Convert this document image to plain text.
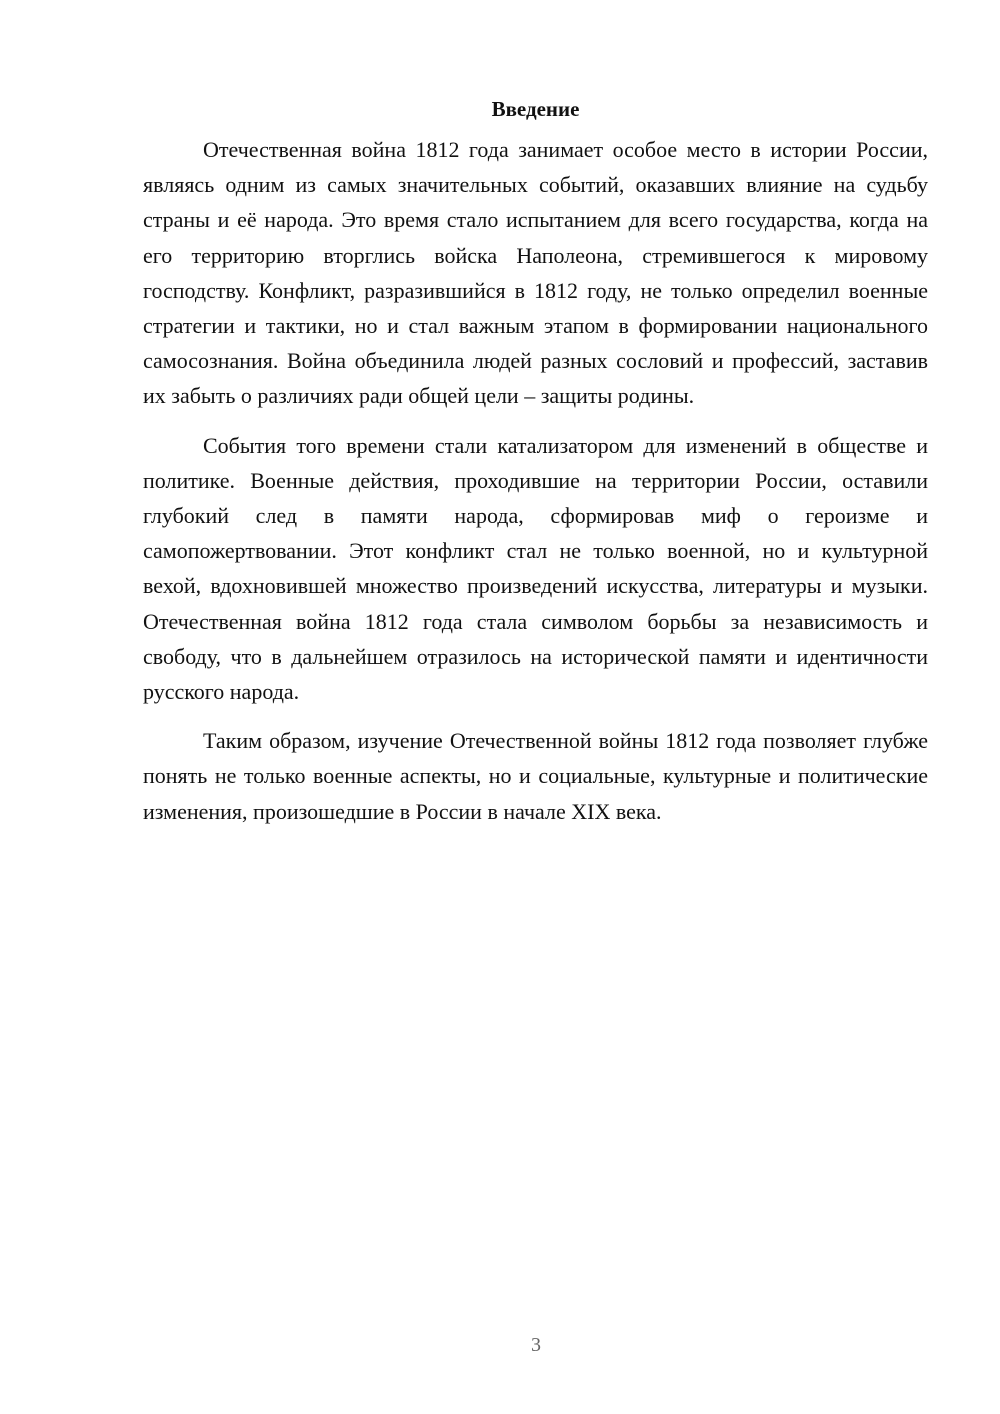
Введение

Отечественная война 1812 года занимает особое место в истории России, являясь одним из самых значительных событий, оказавших влияние на судьбу страны и её народа. Это время стало испытанием для всего государства, когда на его территорию вторглись войска Наполеона, стремившегося к мировому господству. Конфликт, разразившийся в 1812 году, не только определил военные стратегии и тактики, но и стал важным этапом в формировании национального самосознания. Война объединила людей разных сословий и профессий, заставив их забыть о различиях ради общей цели – защиты родины.

События того времени стали катализатором для изменений в обществе и политике. Военные действия, проходившие на территории России, оставили глубокий след в памяти народа, сформировав миф о героизме и самопожертвовании. Этот конфликт стал не только военной, но и культурной вехой, вдохновившей множество произведений искусства, литературы и музыки. Отечественная война 1812 года стала символом борьбы за независимость и свободу, что в дальнейшем отразилось на исторической памяти и идентичности русского народа.

Таким образом, изучение Отечественной войны 1812 года позволяет глубже понять не только военные аспекты, но и социальные, культурные и политические изменения, произошедшие в России в начале XIX века.

3
